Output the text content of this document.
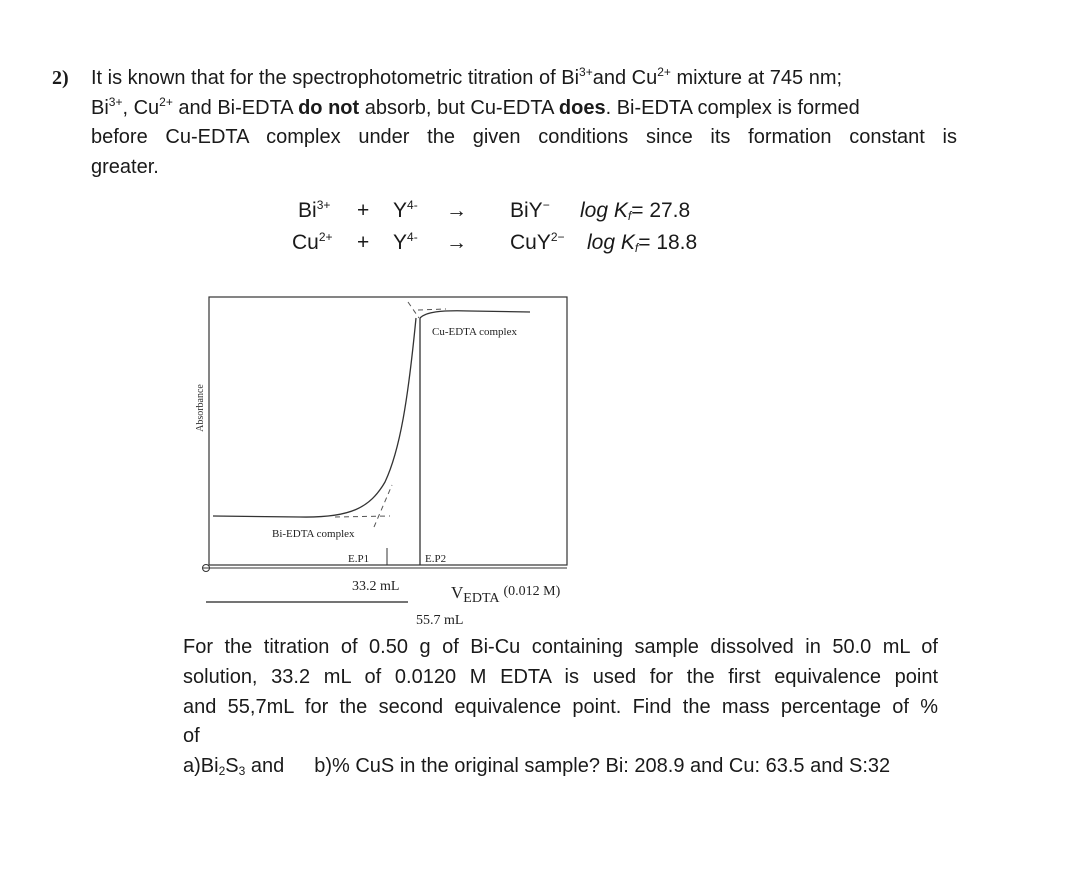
2) It is known that for the spectrophotometric titration of $Bi^{3+}and$ $Cu^{2+}$ mixture at 745 nm;
$Bi^{3+}$, $Cu^{2+}$ and Bi-EDTA do not absorb, but Cu-EDTA does. Bi-EDTA complex is formed
before Cu-EDTA complex under the given conditions since its formation constant is
greater.
$Bi^{3+} + Y^{4-} \to BiY^-$ $\log K_f= 27.8$
$Cu^{2+} + Y^{4-} \to CuY^{2-}$ $\log K_f= 18.8$
Absorbance
Cu-EDTA complex
Bi-EDTA complex
E.P1	E.P2
33.2 mL
55.7 mL
$V_{EDTA}$ $^{(0.012 M)}$
For the titration of 0.50 g of Bi-Cu containing sample dissolved in 50.0 mL of
solution, 33.2 mL of 0.0120 M EDTA is used for the first equivalence point
and 55,7mL for the second equivalence point. Find the mass percentage of %
of
$a)Bi_2S_3$ and b)% CuS in the original sample? Bi: 208.9 and Cu: 63.5 and S:32
